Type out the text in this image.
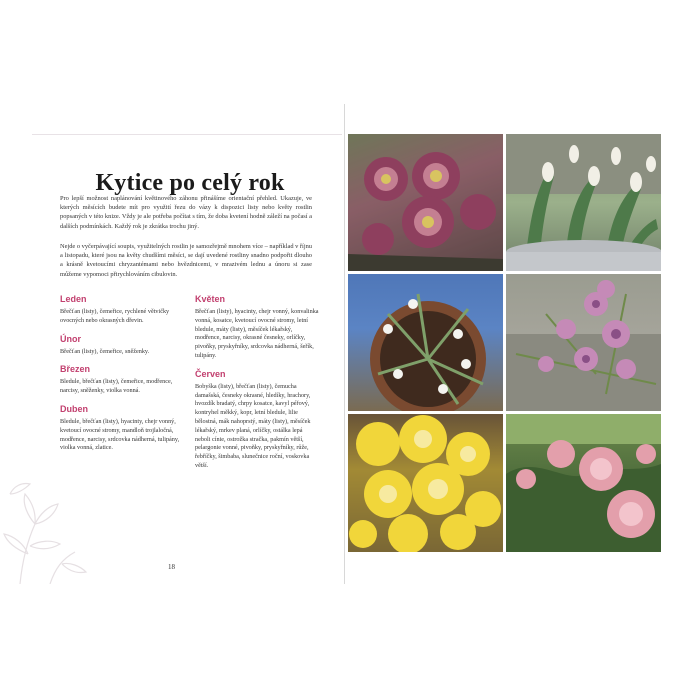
Kytice po celý rok

Pro lepší možnost naplánování květinového záhonu přinášíme orientační přehled. Ukazuje, ve kterých měsících budete mít pro využití řezu do vázy k dispozici listy nebo květy rostlin popsaných v této knize. Vždy je ale potřeba počítat s tím, že doba kvetení hodně záleží na počasí a dalších podmínkách. Každý rok je zkrátka trochu jiný.

Nejde o vyčerpávající soupis, využitelných rostlin je samozřejmě mnohem více – například v říjnu a listopadu, které jsou na květy chudšími měsíci, se dají uvedené rostliny snadno podpořit dlouho a krásně kvetoucími chryzantémami nebo hvězdnicemi, v mrazivém lednu a únoru si zase můžeme vypomoci přirychlováním cibulovin.

Leden

Břečťan (listy), čemeřice, rychlené větvičky ovocných nebo okrasných dřevin.

Únor

Břečťan (listy), čemeřice, sněženky.

Březen

Bledule, břečťan (listy), čemeřice, modřence, narcisy, sněženky, violka vonná.

Duben

Bledule, břečťan (listy), hyacinty, chejr vonný, kvetoucí ovocné stromy, mandloň trojlaločná, modřence, narcisy, srdcovka nádherná, tulipány, violka vonná, zlatice.

Květen

Břečťan (listy), hyacinty, chejr vonný, konvalinka vonná, kosatce, kvetoucí ovocné stromy, letní bledule, máty (listy), měsíček lékařský, modřence, narcisy, okrasné česneky, orlíčky, pivoňky, pryskyřníky, srdcovka nádherná, šeřík, tulipány.

Červen

Bobyška (listy), břečťan (listy), čemucha damašská, česneky okrasné, hledíky, hrachory, hvozdík bradatý, chrpy kosatce, kavyl péřový, kontryhel měkký, kopr, letní bledule, lilie bělostná, mák nahoprstý, máty (listy), měsíček lékařský, mrkev planá, orlíčky, ostálka lepá neboli cínie, ostrožka stračka, pakmín větší, pelargonie vonné, pivoňky, pryskyřníky, růže, řebříčky, šimbaba, slunečnice roční, voskovka větší.

18
